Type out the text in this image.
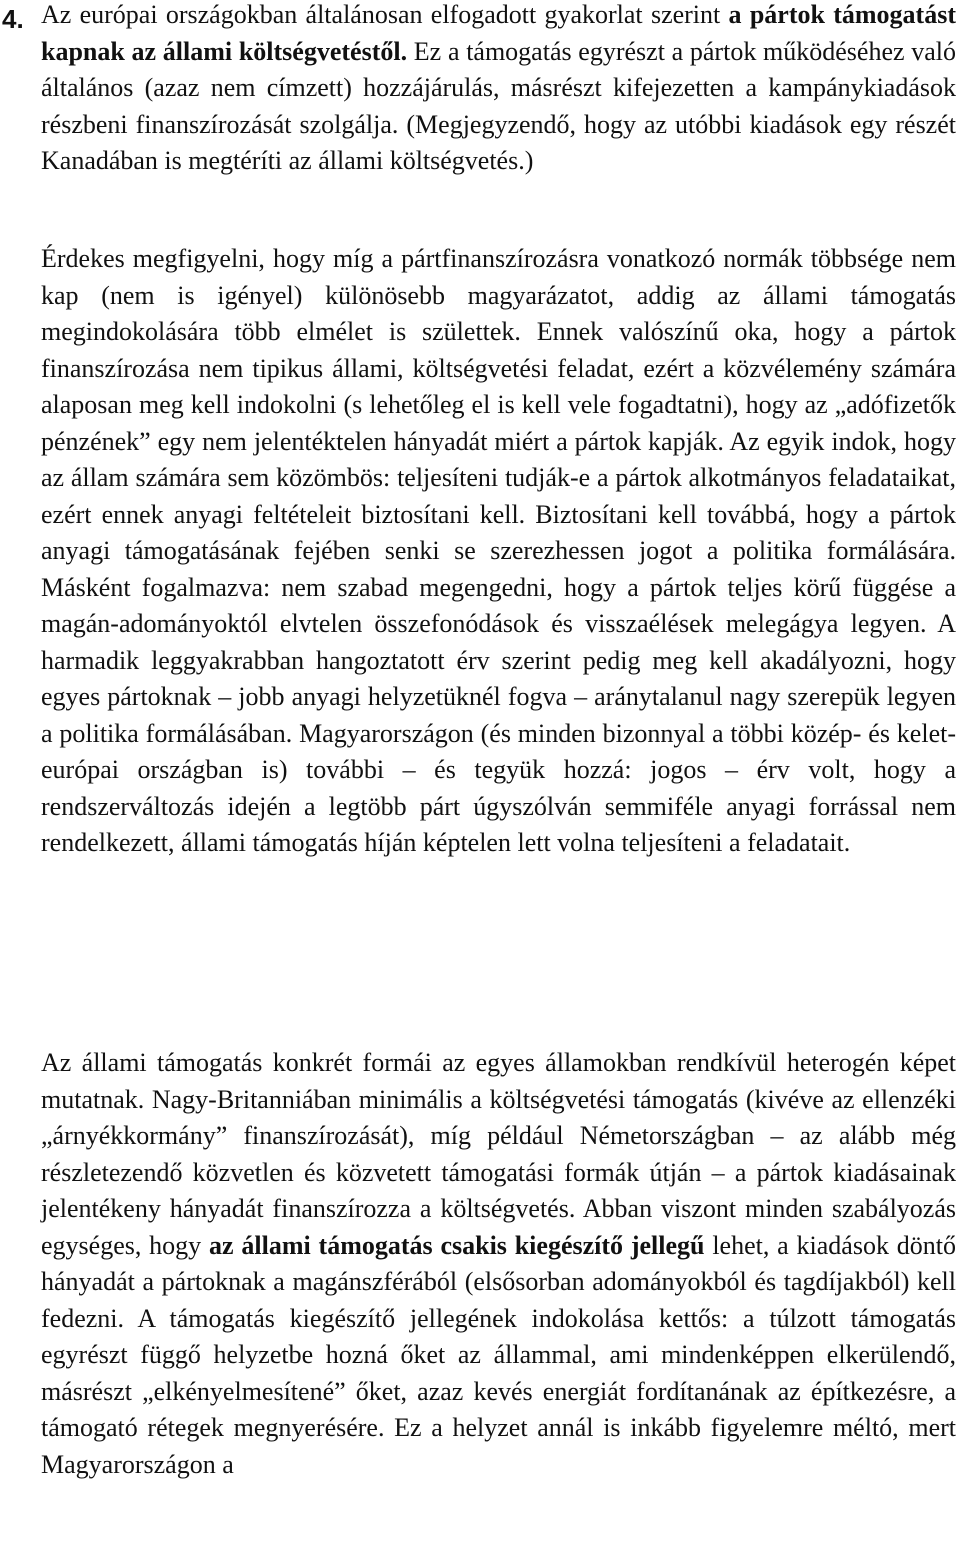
4. Az európai országokban általánosan elfogadott gyakorlat szerint a pártok támogatást kapnak az állami költségvetéstől. Ez a támogatás egyrészt a pártok működéséhez való általános (azaz nem címzett) hozzájárulás, másrészt kifejezetten a kampánykiadások részbeni finanszírozását szolgálja. (Megjegyzendő, hogy az utóbbi kiadások egy részét Kanadában is megtéríti az állami költségvetés.)

Érdekes megfigyelni, hogy míg a pártfinanszírozásra vonatkozó normák többsége nem kap (nem is igényel) különösebb magyarázatot, addig az állami támogatás megindokolására több elmélet is születtek. Ennek valószínű oka, hogy a pártok finanszírozása nem tipikus állami, költségvetési feladat, ezért a közvélemény számára alaposan meg kell indokolni (s lehetőleg el is kell vele fogadtatni), hogy az „adófizetők pénzének” egy nem jelentéktelen hányadát miért a pártok kapják. Az egyik indok, hogy az állam számára sem közömbös: teljesíteni tudják-e a pártok alkotmányos feladataikat, ezért ennek anyagi feltételeit biztosítani kell. Biztosítani kell továbbá, hogy a pártok anyagi támogatásának fejében senki se szerezhessen jogot a politika formálására. Másként fogalmazva: nem szabad megengedni, hogy a pártok teljes körű függése a magán-adományoktól elvtelen összefonódások és visszaélések melegágya legyen. A harmadik leggyakrabban hangoztatott érv szerint pedig meg kell akadályozni, hogy egyes pártoknak – jobb anyagi helyzetüknél fogva – aránytalanul nagy szerepük legyen a politika formálásában. Magyarországon (és minden bizonnyal a többi közép- és kelet-európai országban is) további – és tegyük hozzá: jogos – érv volt, hogy a rendszerváltozás idején a legtöbb párt úgyszólván semmiféle anyagi forrással nem rendelkezett, állami támogatás híján képtelen lett volna teljesíteni a feladatait.

Az állami támogatás konkrét formái az egyes államokban rendkívül heterogén képet mutatnak. Nagy-Britanniában minimális a költségvetési támogatás (kivéve az ellenzéki „árnyékkormány” finanszírozását), míg például Németországban – az alább még részletezendő közvetlen és közvetett támogatási formák útján – a pártok kiadásainak jelentékeny hányadát finanszírozza a költségvetés. Abban viszont minden szabályozás egységes, hogy az állami támogatás csakis kiegészítő jellegű lehet, a kiadások döntő hányadát a pártoknak a magánszférából (elsősorban adományokból és tagdíjakból) kell fedezni. A támogatás kiegészítő jellegének indokolása kettős: a túlzott támogatás egyrészt függő helyzetbe hozná őket az állammal, ami mindenképpen elkerülendő, másrészt „elkényelmesítené” őket, azaz kevés energiát fordítanának az építkezésre, a támogató rétegek megnyerésére. Ez a helyzet annál is inkább figyelemre méltó, mert Magyarországon a
